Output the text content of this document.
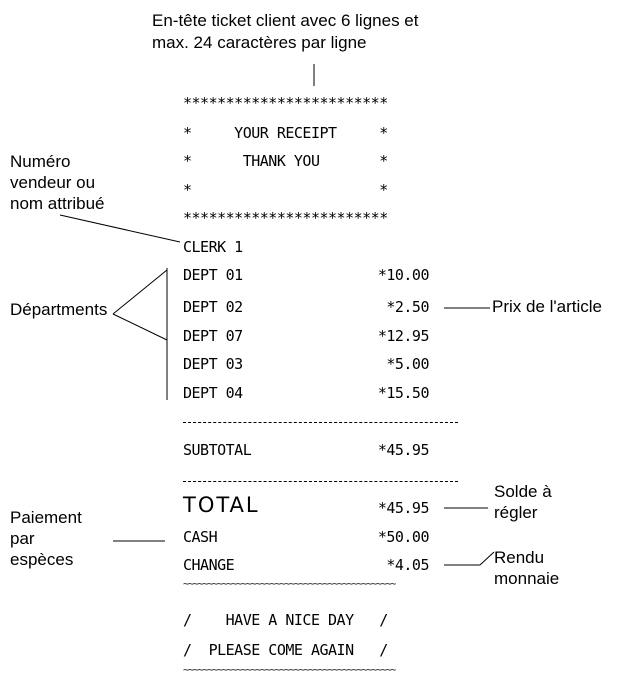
En-tête ticket client avec 6 lignes et
max. 24 caractères par ligne
Numéro
vendeur ou
nom attribué
Départments	Prix de l'article
Solde à
régler
Paiement
par
espèces	Rendu
monnaie
************************
*     YOUR RECEIPT     *
*      THANK YOU       *
*                      *
************************
CLERK 1
DEPT 01	*10.00
DEPT 02	*2.50
DEPT 07	*12.95
DEPT 03	*5.00
DEPT 04	*15.50
SUBTOTAL	*45.95
TOTAL	*45.95
CASH	*50.00
CHANGE	*4.05
~~~~~~~~~~~~~~~~~~~~~~~~~~~~~~~~~~~~~~~~~~~~
/    HAVE A NICE DAY   /
/  PLEASE COME AGAIN   /
~~~~~~~~~~~~~~~~~~~~~~~~~~~~~~~~~~~~~~~~~~~~
